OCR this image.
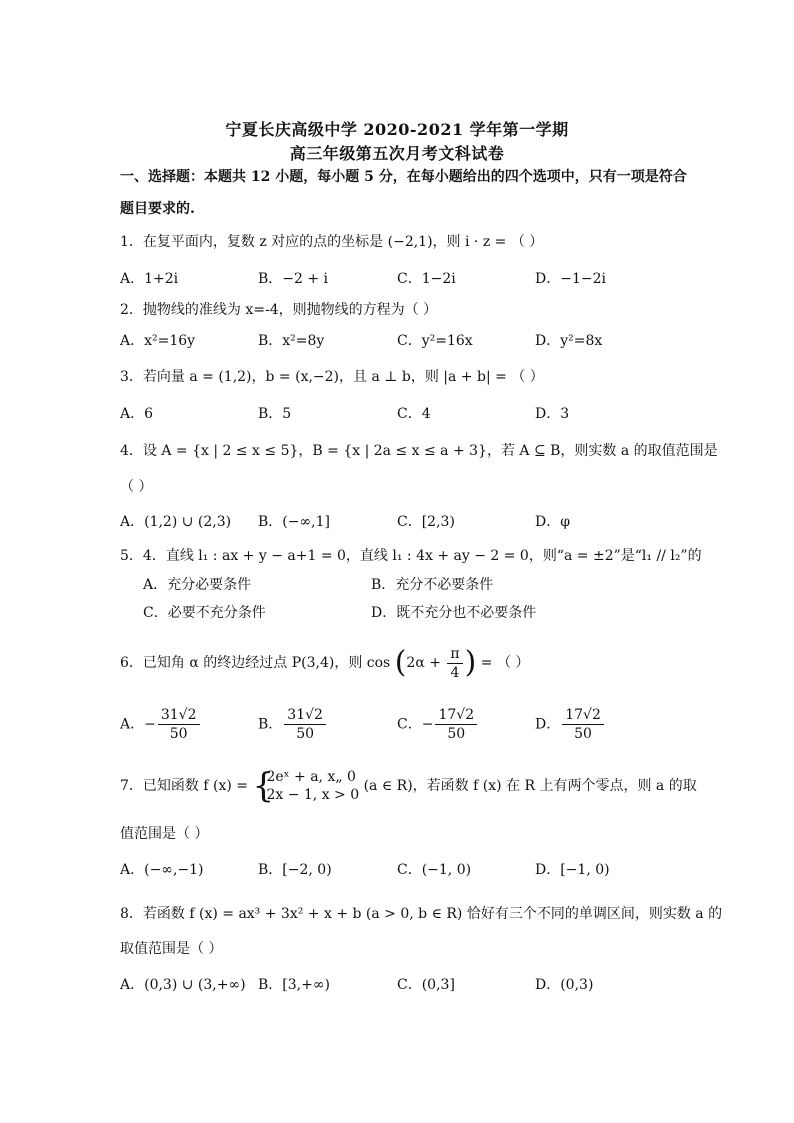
宁夏长庆高级中学 2020-2021 学年第一学期
高三年级第五次月考文科试卷
一、选择题：本题共 12 小题，每小题 5 分，在每小题给出的四个选项中，只有一项是符合
题目要求的.
1．在复平面内，复数 z 对应的点的坐标是 (−2,1)，则 i · z = （ ）
A．1+2i	B．−2 + i	C．1−2i	D．−1−2i
2．抛物线的准线为 x=-4，则抛物线的方程为（ ）
A．x²=16y	B．x²=8y	C．y²=16x	D．y²=8x
3．若向量 a = (1,2)，b = (x,−2)，且 a ⊥ b，则 |a + b| = （ ）
A．6	B．5	C．4	D．3
4．设 A = {x | 2 ≤ x ≤ 5}，B = {x | 2a ≤ x ≤ a + 3}，若 A ⊆ B，则实数 a 的取值范围是
（ ）
A．(1,2) ∪ (2,3) B．(−∞,1]	C．[2,3)	D．φ
5．4．直线 l₁ : ax + y − a+1 = 0，直线 l₁ : 4x + ay − 2 = 0，则“a = ±2”是“l₁ // l₂”的
A．充分必要条件	B．充分不必要条件
C．必要不充分条件	D．既不充分也不必要条件
6．已知角 α 的终边经过点 P(3,4)，则 $\cos (2\alpha + \frac{\pi}{4}$ ) = （ ）
A．− $\frac{31√2}{50}$	B． $\frac{31√2}{50}$	C．− $\frac{17√2}{50}$	D． $\frac{17√2}{50}$
7．已知函数 f (x) = {
2eˣ + a, x„ 0
2x − 1, x > 0
(a ∈ R)，若函数 f (x) 在 R 上有两个零点，则 a 的取
值范围是（ ）
A．(−∞,−1)	B．[−2, 0)	C．(−1, 0)	D．[−1, 0)
8．若函数 f (x) = ax³ + 3x² + x + b (a > 0, b ∈ R) 恰好有三个不同的单调区间，则实数 a 的
取值范围是（ ）
A．(0,3) ∪ (3,+∞) B．[3,+∞)	C．(0,3]	D．(0,3)
